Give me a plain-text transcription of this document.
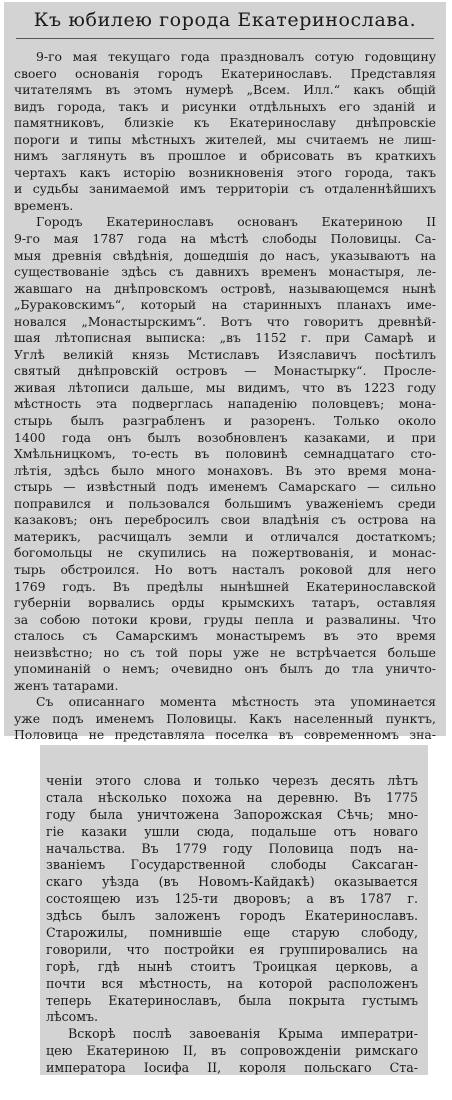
Къ юбилею города Екатеринослава.
9-го мая текущаго года праздновалъ сотую годовщину
своего основанія городъ Екатеринославъ. Представляя
читателямъ въ этомъ нумерѣ „Всем. Илл.“ какъ общій
видъ города, такъ и рисунки отдѣльныхъ его зданій и
памятниковъ, близкіе къ Екатеринославу днѣпровскіе
пороги и типы мѣстныхъ жителей, мы считаемъ не лиш-
нимъ заглянуть въ прошлое и обрисовать въ краткихъ
чертахъ какъ исторію возникновенія этого города, такъ
и судьбы занимаемой имъ территоріи съ отдаленнѣйшихъ
временъ.
Городъ Екатеринославъ основанъ Екатериною II
9-го мая 1787 года на мѣстѣ слободы Половицы. Са-
мыя древнія свѣдѣнія, дошедшія до насъ, указываютъ на
существованіе здѣсь съ давнихъ временъ монастыря, ле-
жавшаго на днѣпровскомъ островѣ, называющемся нынѣ
„Бураковскимъ“, который на старинныхъ планахъ име-
новался „Монастырскимъ“. Вотъ что говоритъ древнѣй-
шая лѣтописная выписка: „въ 1152 г. при Самарѣ и
Углѣ великій князь Мстиславъ Изяславичъ посѣтилъ
святый днѣпровскій островъ — Монастырку“. Просле-
живая лѣтописи дальше, мы видимъ, что въ 1223 году
мѣстность эта подверглась нападенію половцевъ; мона-
стырь былъ разграбленъ и разоренъ. Только около
1400 года онъ былъ возобновленъ казаками, и при
Хмѣльницкомъ, то-есть въ половинѣ семнадцатаго сто-
лѣтія, здѣсь было много монаховъ. Въ это время мона-
стырь — извѣстный подъ именемъ Самарскаго — сильно
поправился и пользовался большимъ уваженіемъ среди
казаковъ; онъ перебросилъ свои владѣнія съ острова на
материкъ, расчищалъ земли и отличался достаткомъ;
богомольцы не скупились на пожертвованія, и монас-
тырь обстроился. Но вотъ насталъ роковой для него
1769 годъ. Въ предѣлы нынѣшней Екатеринославской
губерніи ворвались орды крымскихъ татаръ, оставляя
за собою потоки крови, груды пепла и развалины. Что
сталось съ Самарскимъ монастыремъ въ это время
неизвѣстно; но съ той поры уже не встрѣчается больше
упоминаній о немъ; очевидно онъ былъ до тла уничто-
женъ татарами.
Съ описаннаго момента мѣстность эта упоминается
уже подъ именемъ Половицы. Какъ населенный пунктъ,
Половица не представляла поселка въ современномъ зна-
ченіи этого слова и только черезъ десять лѣтъ
стала нѣсколько похожа на деревню. Въ 1775
году была уничтожена Запорожская Сѣчь; мно-
гіе казаки ушли сюда, подальше отъ новаго
начальства. Въ 1779 году Половица подъ на-
званіемъ Государственной слободы Саксаган-
скаго уѣзда (въ Новомъ-Кайдакѣ) оказывается
состоящею изъ 125-ти дворовъ; а въ 1787 г.
здѣсь былъ заложенъ городъ Екатеринославъ.
Старожилы, помнившіе еще старую слободу,
говорили, что постройки ея группировались на
горѣ, гдѣ нынѣ стоитъ Троицкая церковь, а
почти вся мѣстность, на которой расположенъ
теперь Екатеринославъ, была покрыта густымъ
лѣсомъ.
Вскорѣ послѣ завоеванія Крыма императри-
цею Екатериною II, въ сопровожденіи римскаго
императора Іосифа II, короля польскаго Ста-
